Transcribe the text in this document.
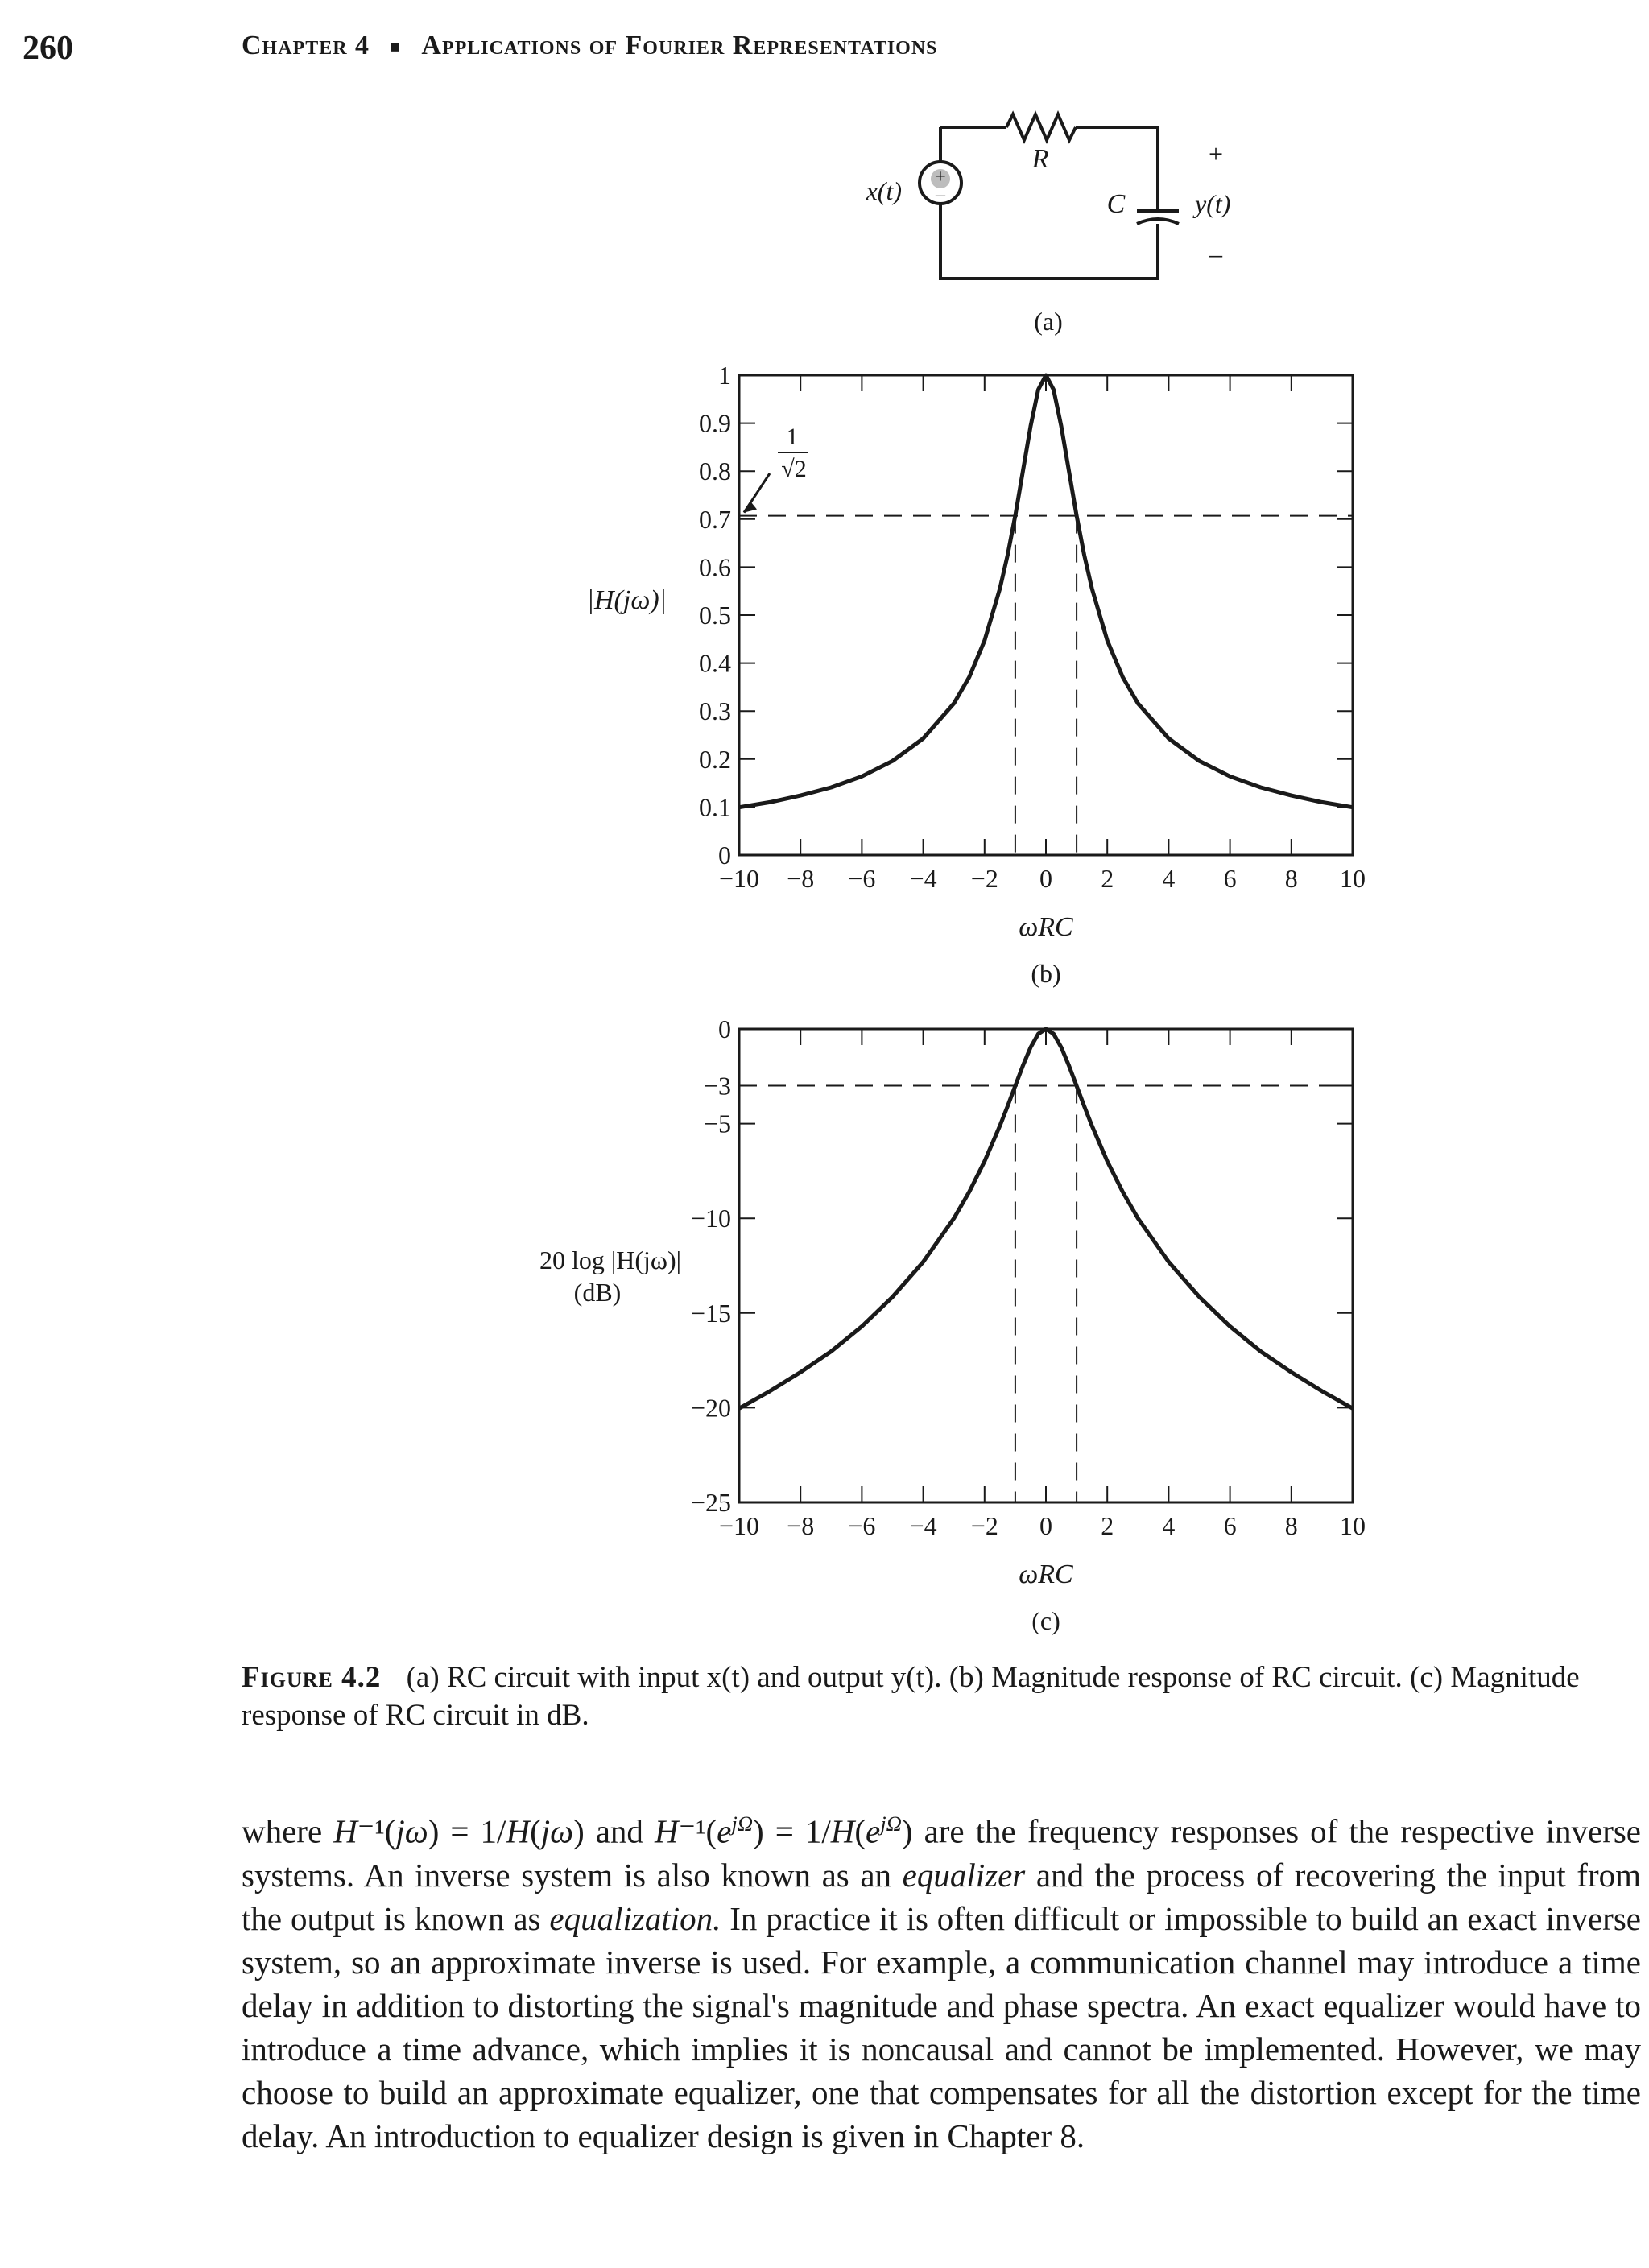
260	Chapter 4 ■ Applications of Fourier Representations
+
–
R
C
x(t)	y(t)
+
–
(a)
−10 −8 −6 −4 −2 0 2 4 6 8 10
0
0.1
0.2
0.3
0.4
0.5
0.6
0.7
0.8
0.9
1
ωRC
(b)
|H(jω)|
1
√2
−10 −8 −6 −4 −2 0 2 4 6 8 10
0
−3
−5
−10
−15
−20
−25
ωRC
(c)
20 log |H(jω)|
(dB)
Figure 4.2 (a) RC circuit with input x(t) and output y(t). (b) Magnitude response of RC circuit. (c) Magnitude response of RC circuit in dB.

where H⁻¹(jω) = 1/H(jω) and $H^{-1}(e^{j\Omega}) = 1/H(e^{j\Omega})$ are the frequency responses of the respective inverse systems. An inverse system is also known as an equalizer and the process of recovering the input from the output is known as equalization. In practice it is often difficult or impossible to build an exact inverse system, so an approximate inverse is used. For example, a communication channel may introduce a time delay in addition to distorting the signal's magnitude and phase spectra. An exact equalizer would have to introduce a time advance, which implies it is noncausal and cannot be implemented. However, we may choose to build an approximate equalizer, one that compensates for all the distortion except for the time delay. An introduction to equalizer design is given in Chapter 8.
